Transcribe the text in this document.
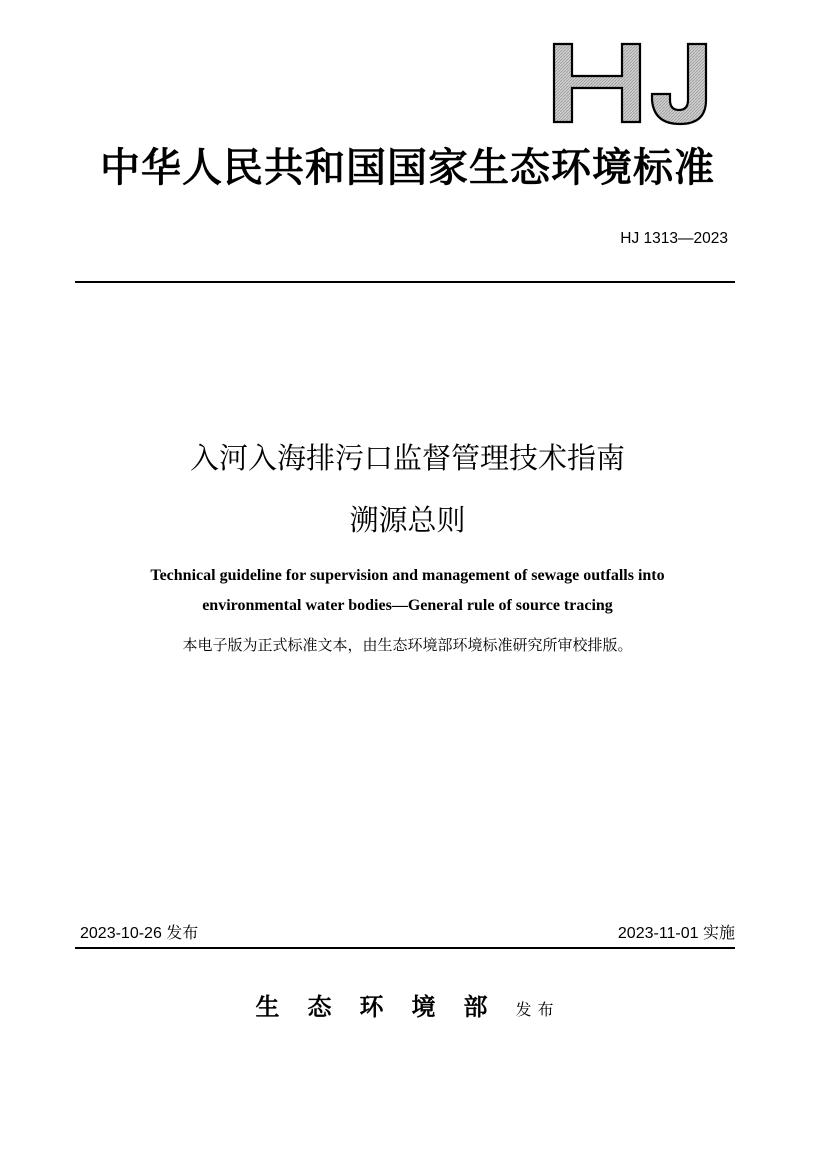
中华人民共和国国家生态环境标准
HJ 1313—2023
入河入海排污口监督管理技术指南
溯源总则
Technical guideline for supervision and management of sewage outfalls into
environmental water bodies—General rule of source tracing
本电子版为正式标准文本，由生态环境部环境标准研究所审校排版。
2023-10-26 发布	2023-11-01 实施
生态环境部发布
